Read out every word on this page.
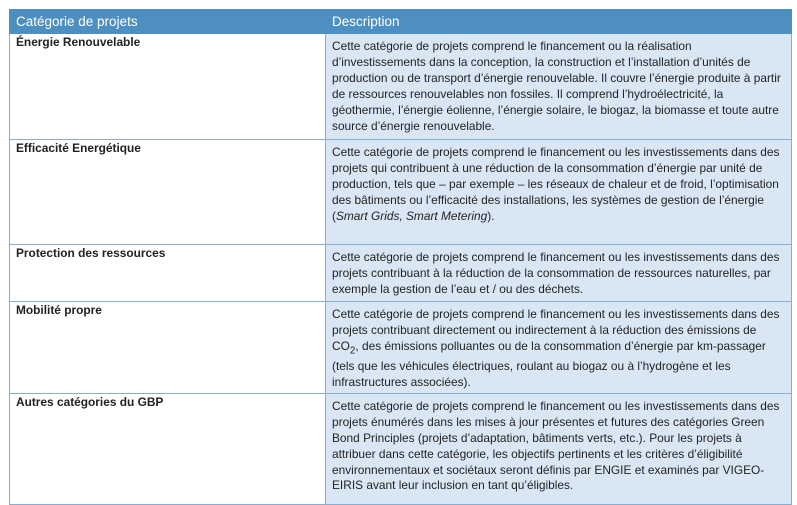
Catégorie de projets	Description
Énergie Renouvelable	Cette catégorie de projets comprend le financement ou la réalisation d’investissements dans la conception, la construction et l’installation d’unités de production ou de transport d’énergie renouvelable. Il couvre l’énergie produite à partir de ressources renouvelables non fossiles. Il comprend l’hydroélectricité, la géothermie, l’énergie éolienne, l’énergie solaire, le biogaz, la biomasse et toute autre source d’énergie renouvelable.
Efficacité Energétique	Cette catégorie de projets comprend le financement ou les investissements dans des projets qui contribuent à une réduction de la consommation d’énergie par unité de production, tels que – par exemple – les réseaux de chaleur et de froid, l’optimisation des bâtiments ou l’efficacité des installations, les systèmes de gestion de l’énergie (Smart Grids, Smart Metering).
Protection des ressources	Cette catégorie de projets comprend le financement ou les investissements dans des projets contribuant à la réduction de la consommation de ressources naturelles, par exemple la gestion de l’eau et / ou des déchets.
Mobilité propre	Cette catégorie de projets comprend le financement ou les investissements dans des projets contribuant directement ou indirectement à la réduction des émissions de $CO_2$, des émissions polluantes ou de la consommation d’énergie par km-passager (tels que les véhicules électriques, roulant au biogaz ou à l’hydrogène et les infrastructures associées).
Autres catégories du GBP	Cette catégorie de projets comprend le financement ou les investissements dans des projets énumérés dans les mises à jour présentes et futures des catégories Green Bond Principles (projets d’adaptation, bâtiments verts, etc.). Pour les projets à attribuer dans cette catégorie, les objectifs pertinents et les critères d’éligibilité environnementaux et sociétaux seront définis par ENGIE et examinés par VIGEO-EIRIS avant leur inclusion en tant qu’éligibles.
